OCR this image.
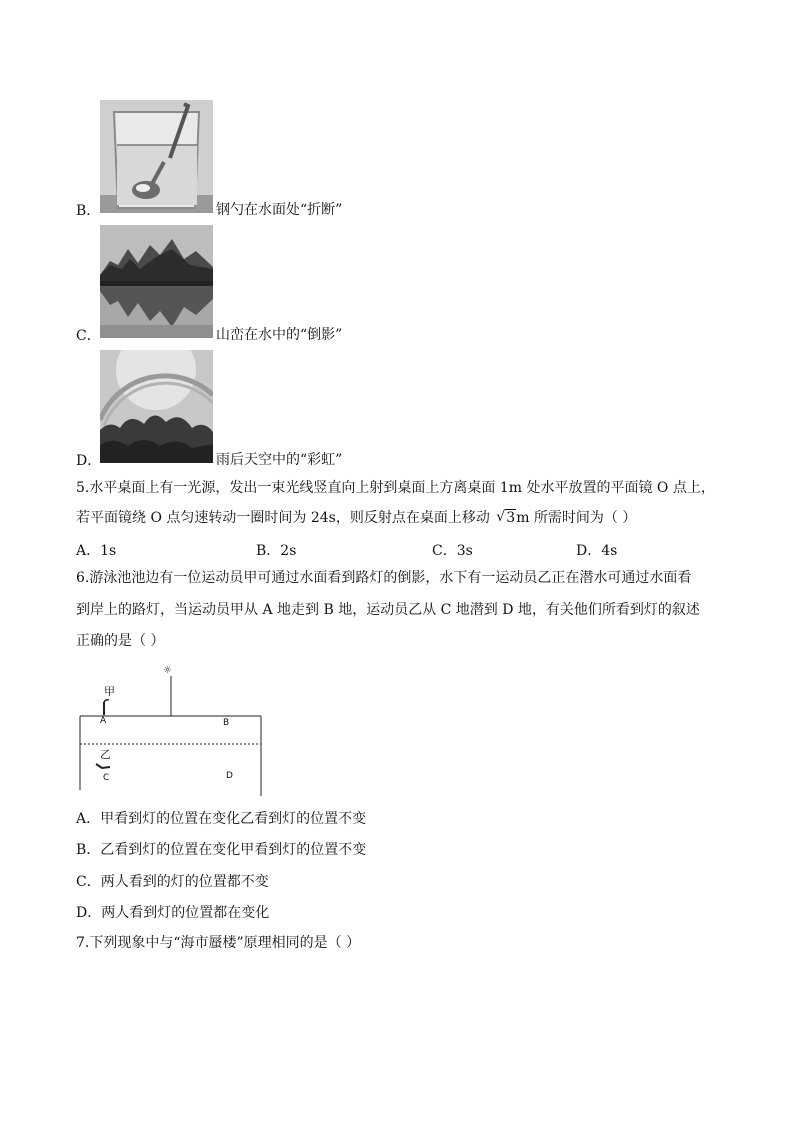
B．	钢勺在水面处“折断”
C．	山峦在水中的“倒影”
D．	雨后天空中的“彩虹”
5.水平桌面上有一光源，发出一束光线竖直向上射到桌面上方离桌面 1m 处水平放置的平面镜 O 点上，
若平面镜绕 O 点匀速转动一圈时间为 24s，则反射点在桌面上移动 √ 3m 所需时间为（ ）
A．1s	B．2s	C．3s	D．4s
6.游泳池池边有一位运动员甲可通过水面看到路灯的倒影，水下有一运动员乙正在潜水可通过水面看
到岸上的路灯，当运动员甲从 A 地走到 B 地，运动员乙从 C 地潜到 D 地，有关他们所看到灯的叙述
正确的是（ ）
☼
甲
A	B
乙
C	D
A．甲看到灯的位置在变化乙看到灯的位置不变
B．乙看到灯的位置在变化甲看到灯的位置不变
C．两人看到的灯的位置都不变
D．两人看到灯的位置都在变化
7.下列现象中与“海市蜃楼”原理相同的是（ ）
